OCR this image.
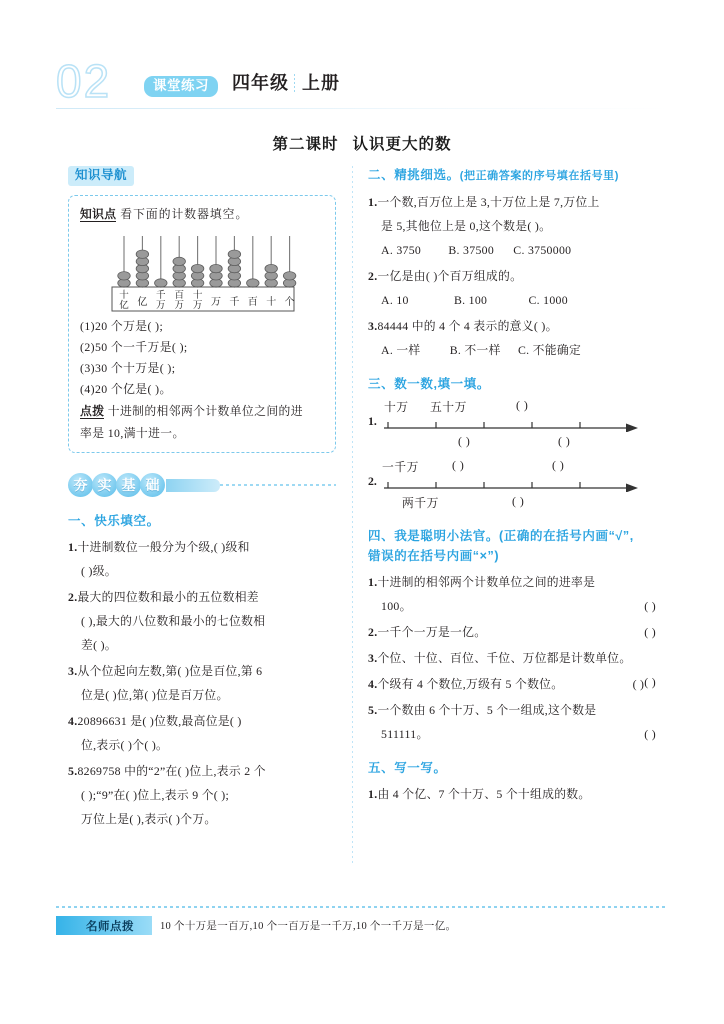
02	课堂练习	四年级 上册
第二课时 认识更大的数
知识导航
知识点 看下面的计数器填空。
十
亿 亿
千
万
百
万
十
万 万 千 百 十 个
(1)20 个万是( );
(2)50 个一千万是( );
(3)30 个十万是( );
(4)20 个亿是( )。
点拨 十进制的相邻两个计数单位之间的进
率是 10,满十进一。
夯 实 基 础
一、快乐填空。
1.十进制数位一般分为个级,( )级和
( )级。
2.最大的四位数和最小的五位数相差
( ),最大的八位数和最小的七位数相
差( )。
3.从个位起向左数,第( )位是百位,第 6
位是( )位,第( )位是百万位。
4.20896631 是( )位数,最高位是( )
位,表示( )个( )。
5.8269758 中的“2”在( )位上,表示 2 个
( );“9”在( )位上,表示 9 个( );
万位上是( ),表示( )个万。
二、精挑细选。(把正确答案的序号填在括号里)
1.一个数,百万位上是 3,十万位上是 7,万位上
是 5,其他位上是 0,这个数是( )。
A. 3750 B. 37500 C. 3750000
2.一亿是由( )个百万组成的。
A. 10	B. 100	C. 1000
3.84444 中的 4 个 4 表示的意义( )。
A. 一样 B. 不一样 C. 不能确定
三、数一数,填一填。
1.
十万 五十万	( )
( )	( )
2.
一千万	( )	( )
两千万	( )
四、我是聪明小法官。(正确的在括号内画“√”,
错误的在括号内画“×”)
1.十进制的相邻两个计数单位之间的进率是
100。	( )
2.一千个一万是一亿。	( )
3.个位、十位、百位、千位、万位都是计数单位。

( )
4.个级有 4 个数位,万级有 5 个数位。	( )
5.一个数由 6 个十万、5 个一组成,这个数是
511111。	( )
五、写一写。
1.由 4 个亿、7 个十万、5 个十组成的数。
名师点拨 10 个十万是一百万,10 个一百万是一千万,10 个一千万是一亿。
